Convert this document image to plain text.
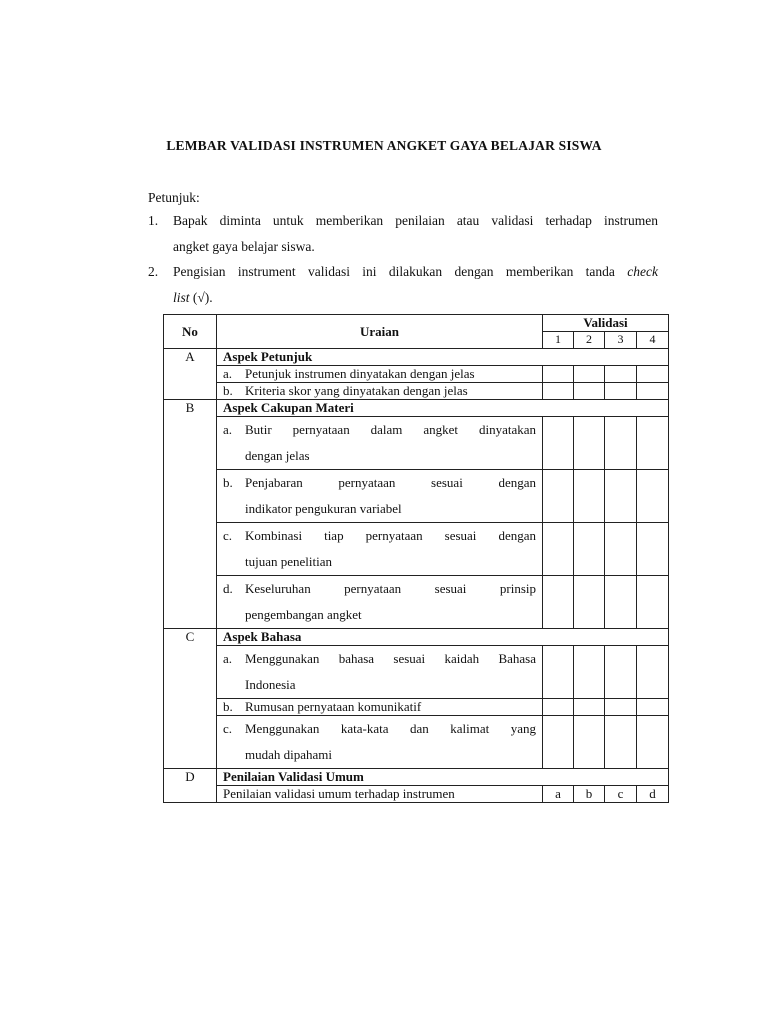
LEMBAR VALIDASI INSTRUMEN ANGKET GAYA BELAJAR SISWA
Petunjuk:
1. Bapak diminta untuk memberikan penilaian atau validasi terhadap instrumen
angket gaya belajar siswa.
2. Pengisian instrument validasi ini dilakukan dengan memberikan tanda check
list (√).
No	Uraian	Validasi			
		1	2	3	4
A	Aspek Petunjuk				

	a. Petunjuk instrumen dinyatakan dengan jelas				

	b. Kriteria skor yang dinyatakan dengan jelas				
B	Aspek Cakupan Materi				

	a. Butir pernyataan dalam angket dinyatakan
dengan jelas				

	b. Penjabaran pernyataan sesuai dengan
indikator pengukuran variabel				

	c. Kombinasi tiap pernyataan sesuai dengan
tujuan penelitian				

	d. Keseluruhan pernyataan sesuai prinsip
pengembangan angket				

C	Aspek Bahasa				

	a. Menggunakan bahasa sesuai kaidah Bahasa
Indonesia				

	b. Rumusan pernyataan komunikatif				

	c. Menggunakan kata-kata dan kalimat yang
mudah dipahami				

D	Penilaian Validasi Umum				
	Penilaian validasi umum terhadap instrumen	a	b	c	d
